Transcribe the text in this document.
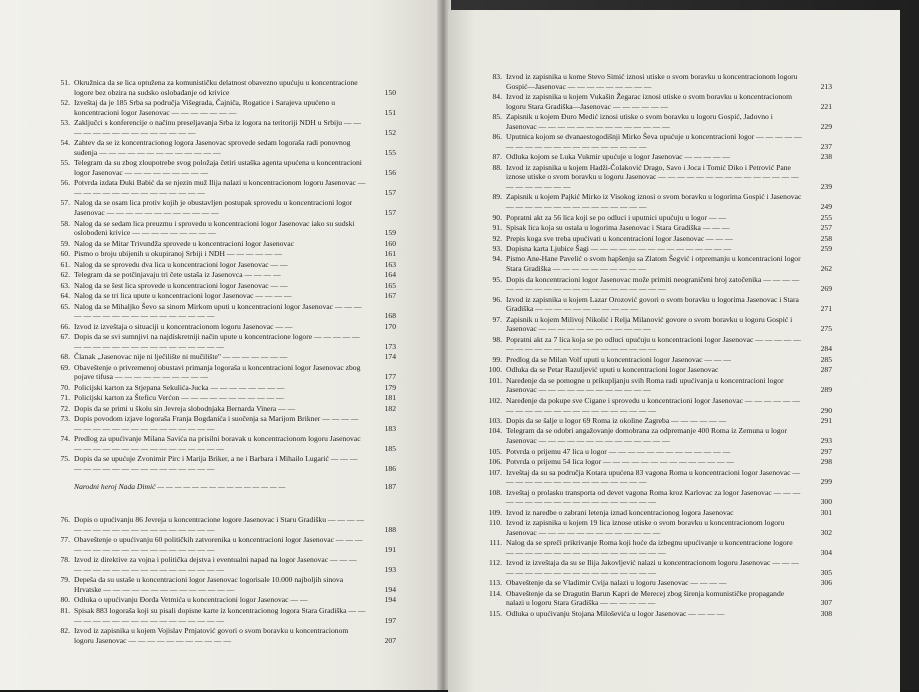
51. Okružnica da se lica optužena za komunističku delatnost obavezno upućuju u koncentracione logore bez obzira na sudsko oslobađanje od krivice	150
52. Izveštaj da je 185 Srba sa područja Višegrada, Čajniča, Rogatice i Sarajeva upućeno u koncentracioni logor Jasenovac — — — — — — —	151
53. Zaključci s konferencije o načinu preseljavanja Srba iz logora na teritoriji NDH u Srbiju — — — — — — — — — — — — — — —	152
54. Zahtev da se iz koncentracionog logora Jasenovac sprovede sedam logoraša radi ponovnog suđenja — — — — — — — — — — — — —	155
55. Telegram da su zbog zloupotrebe svog položaja četiri ustaška agenta upućena u koncentracioni logor Jasenovac — — — — — — — — —	156
56. Potvrda izdata Đuki Babić da se njezin muž Ilija nalazi u koncentracionom logoru Jasenovac — — — — — — — — — — — — — — —	157
57. Nalog da se osam lica protiv kojih je obustavljen postupak sprovedu u koncentracioni logor Jasenovac — — — — — — — — — — — —	157
58. Nalog da se sedam lica preuzmu i sprovedu u koncentracioni logor Jasenovac iako su sudski oslobođeni krivice — — — — — — — — —	159
59. Nalog da se Mitar Trivundža sprovede u koncentracioni logor Jasenovac	160
60. Pismo o broju ubijenih u okupiranoj Srbiji i NDH — — — — — —	161
61. Nalog da se sprovedu dva lica u koncentracioni logor Jasenovac — —	163
62. Telegram da se potčinjavaju tri čete ustaša iz Jasenovca — — — —	164
63. Nalog da se šest lica sprovede u koncentracioni logor Jasenovac — —	165
64. Nalog da se tri lica upute u koncentracioni logor Jasenovac — — — —	167
65. Nalog da se Mihaljko Ševo sa sinom Mirkom uputi u koncentracioni logor Jasenovac — — — — — — — — — — — — — — — — — —	168
66. Izvod iz izveštaja o situaciji u koncentracionom logoru Jasenovac — —	170
67. Dopis da se svi sumnjivi na najdiskretniji način upute u koncentracione logore — — — — — — — — — — — — — — — — — — — — —	173
68. Članak „Jasenovac nije ni lječilište ni mučilište" — — — — — — —	174
69. Obaveštenje o privremenoj obustavi primanja logoraša u koncentracioni logor Jasenovac zbog pojave tifusa — — — — — — — — — —	177
70. Policijski karton za Stjepana Sekulića-Jucka — — — — — — — —	179
71. Policijski karton za Šteficu Verćon — — — — — — — — — — —	181
72. Dopis da se primi u školu sin Jevreja slobodnjaka Bernarda Vinera — —	182
73. Dopis povodom izjave logoraša Franja Bogdanića i suočenja sa Marijom Brikner — — — — — — — — — — — — — — — — — — —	183
74. Predlog za upućivanje Milana Savića na prisilni boravak u koncentracionom logoru Jasenovac — — — — — — — — — — — — — — — —	185
75. Dopis da se upućuje Zvonimir Pirc i Marija Briker, a ne i Barbara i Mihailo Lugarić — — — — — — — — — — — — — — — — — —	186
Narodni heroj Nada Dimić — — — — — — — — — — — — — — —	187
76. Dopis o upućivanju 86 Jevreja u koncentracione logore Jasenovac i Staru Gradišku — — — — — — — — — — — — — — — — — — —	188
77. Obaveštenje o upućivanju 60 političkih zatvorenika u koncentracioni logor Jasenovac — — — — — — — — — — — — — — — — — —	191
78. Izvod iz direktive za vojna i politička dejstva i eventualni napad na logor Jasenovac — — — — — — — — — — — — — — — — — — —	193
79. Depeša da su ustaše u koncentracioni logor Jasenovac logorisale 10.000 najboljih sinova Hrvatske — — — — — — — — — — — — — —	194
80. Odluka o upućivanju Đorđa Vetmića u koncentracioni logor Jasenovac — —	194
81. Spisak 883 logoraša koji su pisali dopisne karte iz koncentracionog logora Stara Gradiška — — — — — — — — — — — — — — — — — —	197
82. Izvod iz zapisnika u kojem Vojislav Prnjatović govori o svom boravku u koncentracionom logoru Jasenovac — — — — — — — — — — —	207
83. Izvod iz zapisnika u kome Stevo Simić iznosi utiske o svom boravku u koncentracionom logoru Gospić—Jasenovac — — — — — — — — —	213
84. Izvod iz zapisnika u kojem Vukašin Žegarac iznosi utiske o svom boravku u koncentracionom logoru Stara Gradiška—Jasenovac — — — — — —	221
85. Zapisnik u kojem Đuro Medić iznosi utiske o svom boravku u logoru Gospić, Jadovno i Jasenovac — — — — — — — — — — — — — —	229
86. Uputnica kojom se dvanaestogodišnji Mirko Ševa upućuje u koncentracioni logor — — — — — — — — — — — — — — — — — — — —	237
87. Odluka kojom se Luka Vukmir upućuje u logor Jasenovac — — — — —	238
88. Izvod iz zapisnika u kojem Hadži-Čolaković Drago, Savo i Joca i Tomić Diko i Petrović Pane iznose utiske o svom boravku u logoru Jasenovac — — — — — — — — — — — — — — — — — — — — — —	239
89. Zapisnik u kojem Pajkić Mirko iz Visokog iznosi o svom boravku u logorima Gospić i Jasenovac — — — — — — — — — — — — — — —	249
90. Popratni akt za 56 lica koji se po odluci i uputnici upućuju u logor — —	255
91. Spisak lica koja su ostala u logorima Jasenovac i Stara Gradiška — — —	257
92. Prepis koga sve treba upućivati u koncentracioni logor Jasenovac — — —	258
93. Dopisna karta Ljubice Šagi — — — — — — — — — — — — — — —	259
94. Pismo Ane-Hane Pavelić o svom hapšenju sa Zlatom Šegvić i otpremanju u koncentracioni logor Stara Gradiška — — — — — — — — — —	262
95. Dopis da koncentracioni logor Jasenovac može primiti neograničeni broj zatočenika — — — — — — — — — — — — — — — — — — — — —	269
96. Izvod iz zapisnika u kojem Lazar Orozović govori o svom boravku u logorima Jasenovac i Stara Gradiška — — — — — — — — — — —	271
97. Zapisnik u kojem Milivoj Nikolić i Relja Milanović govore o svom boravku u logoru Gospić i Jasenovac — — — — — — — — — — — —	275
98. Popratni akt za 7 lica koja se po odluci upućuju u koncentracioni logor Jasenovac — — — — — — — — — — — — — — — — — — — — —	284
99. Predlog da se Milan Volf uputi u koncentracioni logor Jasenovac — — —	285
100. Odluka da se Petar Razuljević uputi u koncentracioni logor Jasenovac	287
101. Naređenje da se pomogne u prikupljanju svih Roma radi upućivanja u koncentracioni logor Jasenovac — — — — — — — — — — — —	289
102. Naređenje da pokupe sve Cigane i sprovedu u koncentracioni logor Jasenovac — — — — — — — — — — — — — — — — — — — — — —	290
103. Dopis da se šalje u logor 69 Roma iz okoline Zagreba — — — — — —	291
104. Telegram da se odobri angažovanje domobrana za odpremanje 400 Roma iz Zemuna u logor Jasenovac — — — — — — — — — — — — — —	293
105. Potvrda o prijemu 47 lica u logor — — — — — — — — — — — — —	297
106. Potvrda o prijemu 54 lica logor — — — — — — — — — — — — — —	298
107. Izveštaj da su sa područja Kotara upućena 83 vagona Roma u koncentracioni logor Jasenovac — — — — — — — — — — — — — — — —	299
108. Izveštaj o prolasku transporta od devet vagona Roma kroz Karlovac za logor Jasenovac — — — — — — — — — — — — — — — — — — —	300
109. Izvod iz naredbe o zabrani letenja iznad koncentracionog logora Jasenovac	301
110. Izvod iz zapisnika u kojem 19 lica iznose utiske o svom boravku u koncentracionom logoru Jasenovac — — — — — — — — — — — — —	302
111. Nalog da se spreči prikrivanje Roma koji hoće da izbegnu upućivanje u koncentracione logore — — — — — — — — — — — — — — — — —	304
112. Izvod iz izveštaja da su se Ilija Jakovljević nalazi u koncentracionom logoru Jasenovac — — — — — — — — — — — — — — — — — — —	305
113. Obaveštenje da se Vladimir Cvija nalazi u logoru Jasenovac — — — —	306
114. Obaveštenje da se Dragutin Barun Kapri de Merecej zbog širenja komunističke propagande nalazi u logoru Stara Gradiška — — — — — —	307
115. Odluka o upućivanju Stojana Miloševića u logor Jasenovac — — — —	308
